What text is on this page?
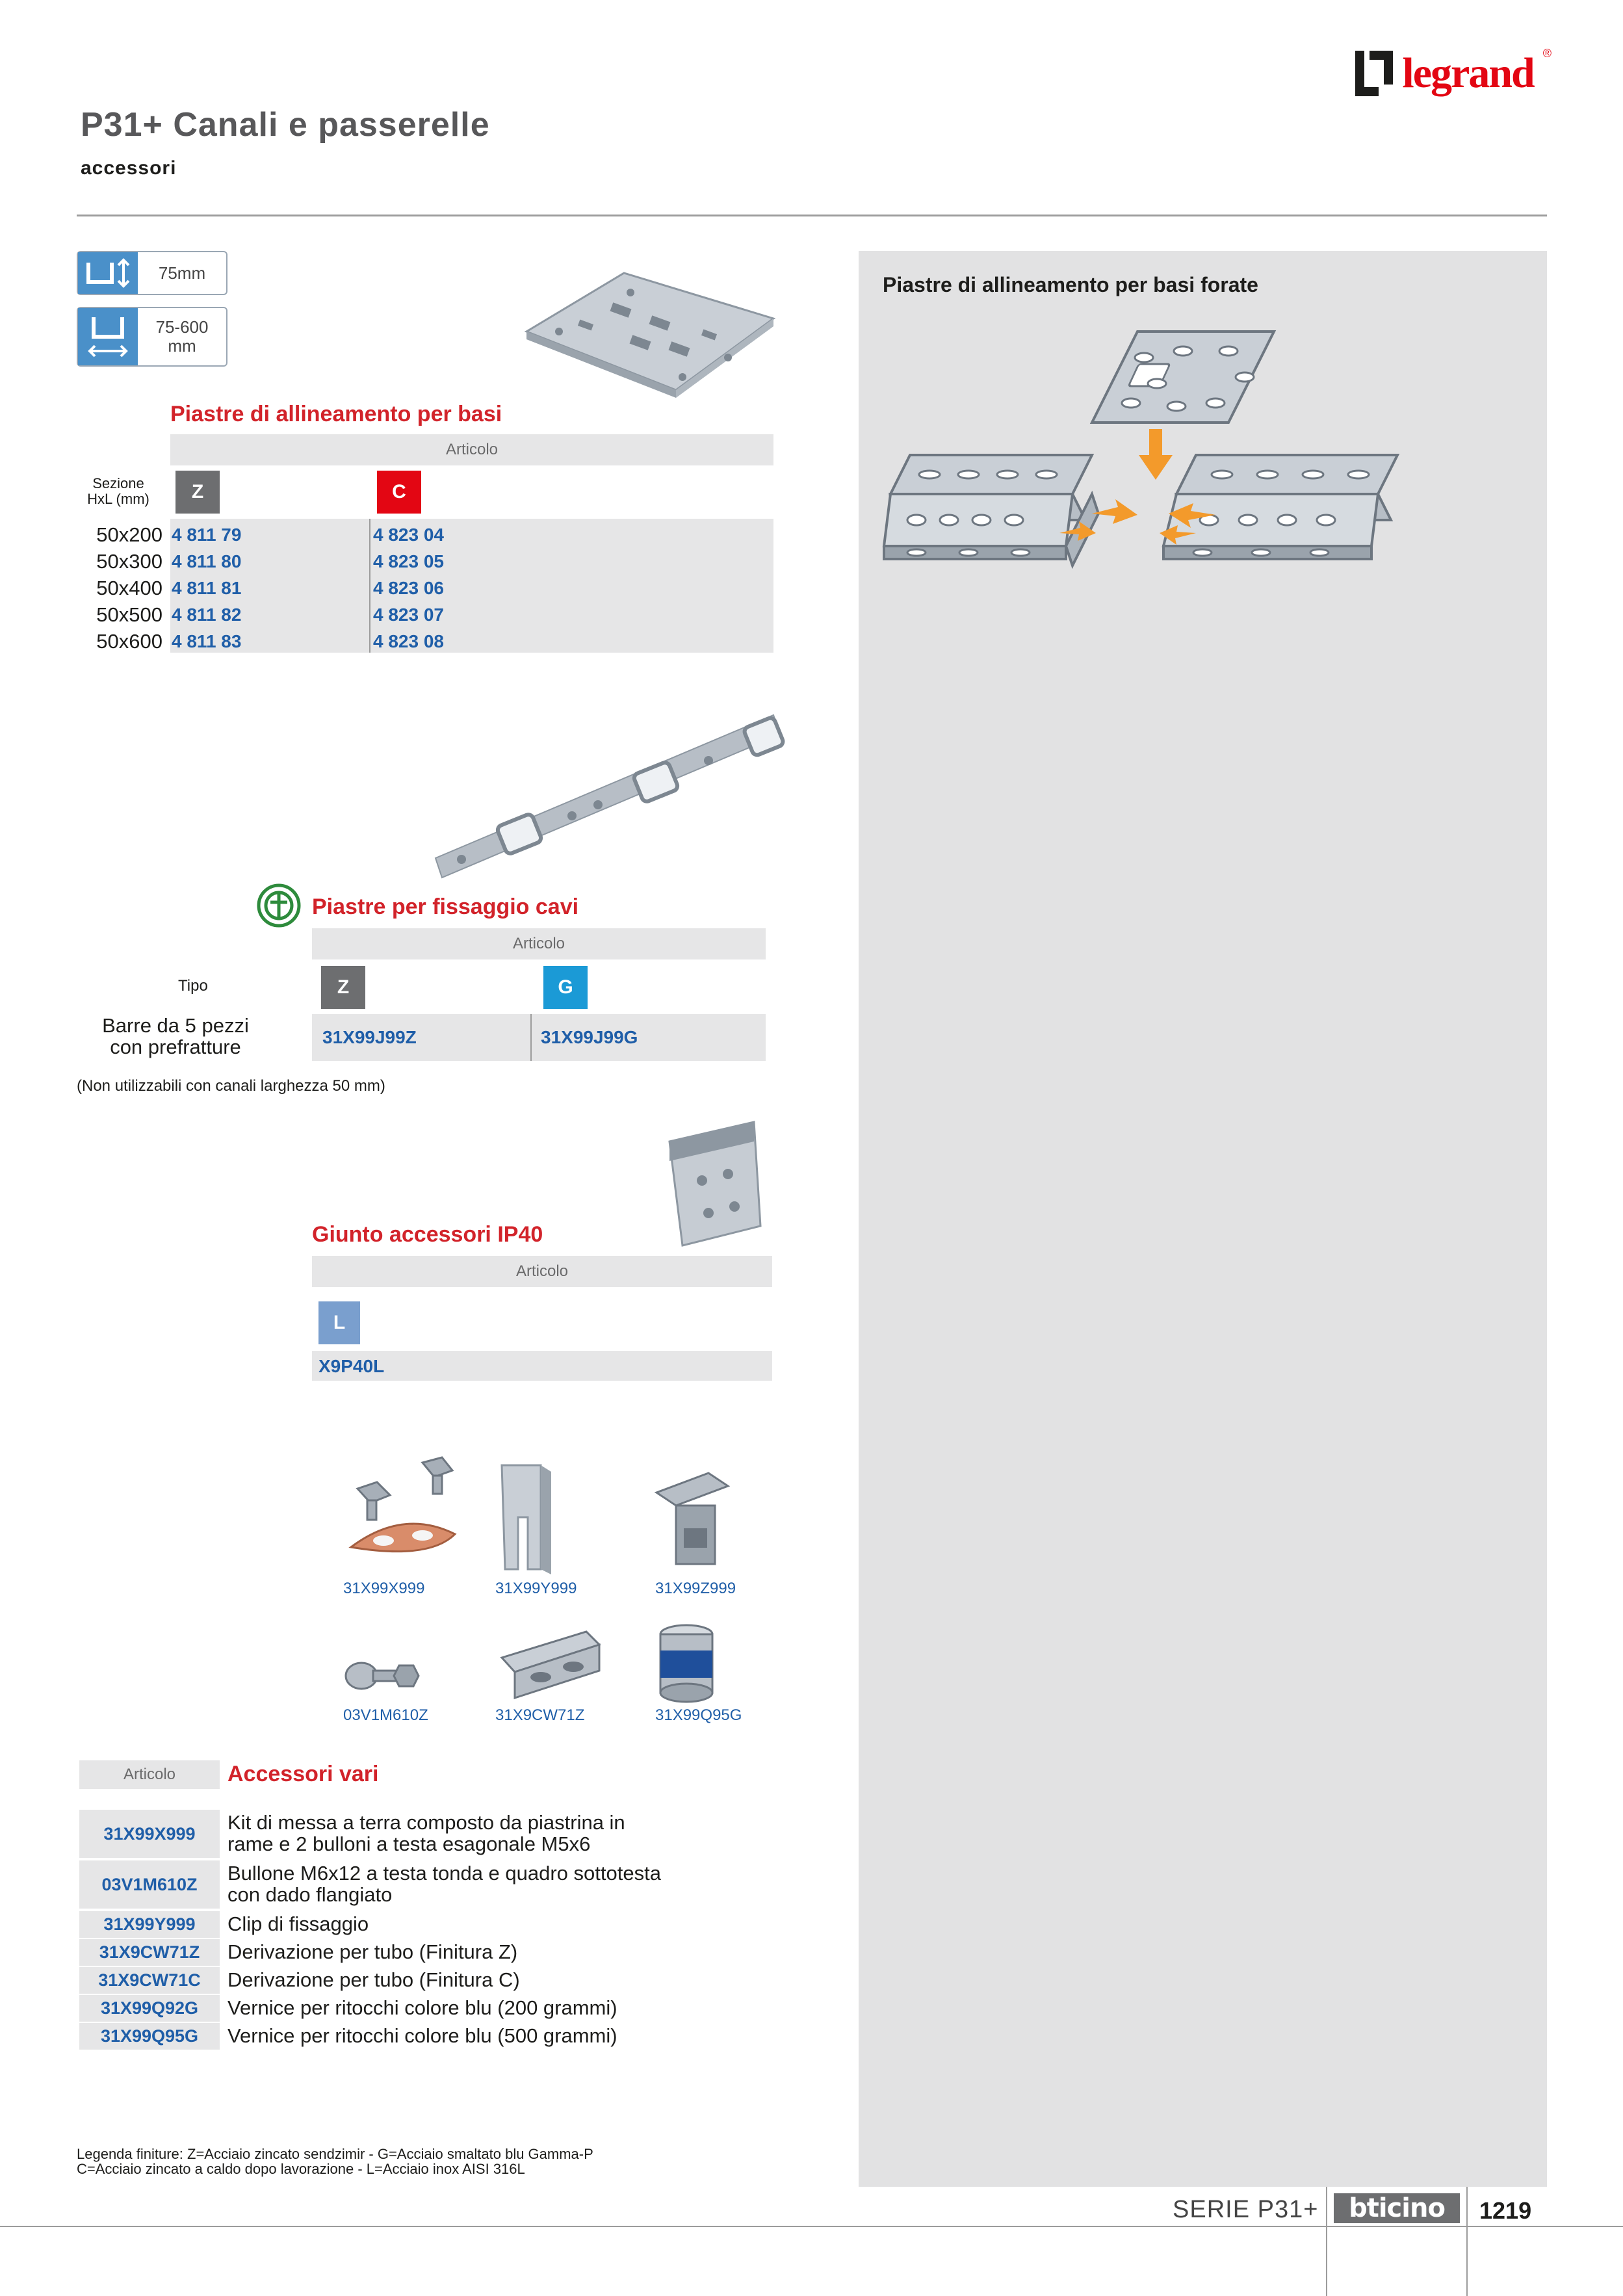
P31+ Canali e passerelle
accessori
legrand ®
75mm
75-600 mm
Piastre di allineamento per basi
Articolo
Sezione
HxL (mm)	Z	C
50x200 4 811 79	4 823 04
50x300 4 811 80	4 823 05
50x400 4 811 81	4 823 06
50x500 4 811 82	4 823 07
50x600 4 811 83	4 823 08
Piastre per fissaggio cavi
Articolo
Tipo	Z	G
Barre da 5 pezzi
con prefratture	31X99J99Z	31X99J99G
(Non utilizzabili con canali larghezza 50 mm)
Giunto accessori IP40
Articolo
L
X9P40L
31X99X999	31X99Y999	31X99Z999
03V1M610Z	31X9CW71Z	31X99Q95G
Articolo	Accessori vari
31X99X999	Kit di messa a terra composto da piastrina in
rame e 2 bulloni a testa esagonale M5x6
03V1M610Z	Bullone M6x12 a testa tonda e quadro sottotesta
con dado flangiato
31X99Y999	Clip di fissaggio
31X9CW71Z	Derivazione per tubo (Finitura Z)
31X9CW71C	Derivazione per tubo (Finitura C)
31X99Q92G	Vernice per ritocchi colore blu (200 grammi)
31X99Q95G	Vernice per ritocchi colore blu (500 grammi)
Legenda finiture: Z=Acciaio zincato sendzimir - G=Acciaio smaltato blu Gamma-P
C=Acciaio zincato a caldo dopo lavorazione - L=Acciaio inox AISI 316L
Piastre di allineamento per basi forate
SERIE P31+ bticino 1219
